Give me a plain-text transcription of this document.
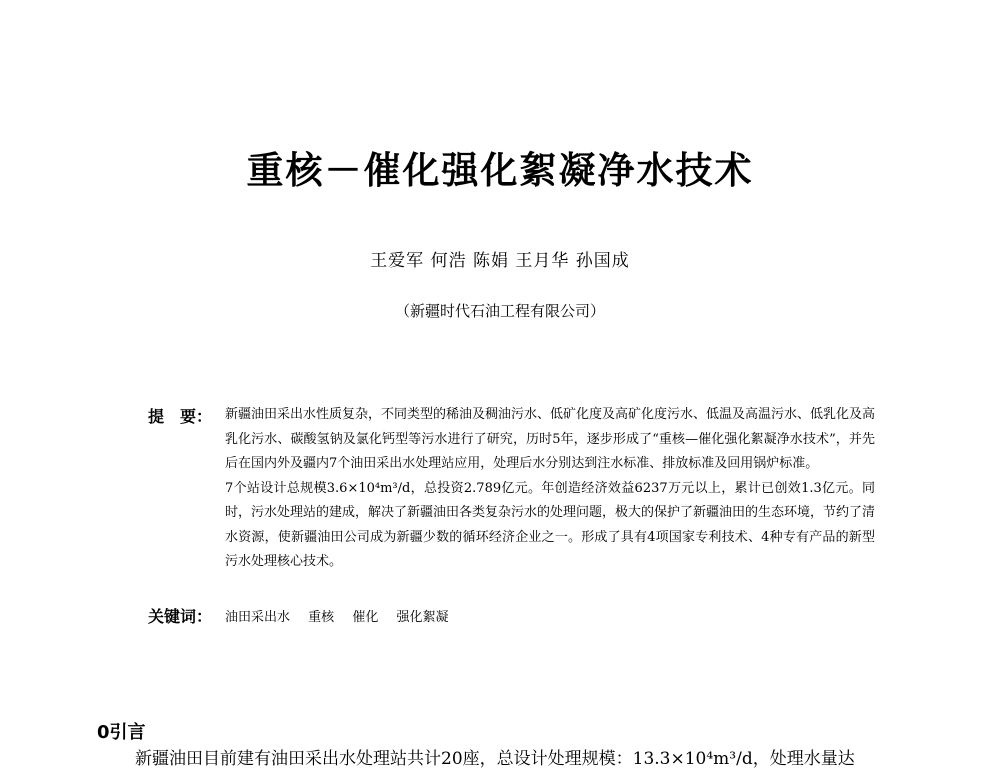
重核－催化强化絮凝净水技术
王爱军 何浩 陈娟 王月华 孙国成
（新疆时代石油工程有限公司）
提 要： 新疆油田采出水性质复杂，不同类型的稀油及稠油污水、低矿化度及高矿化度污水、低温及高温污水、低乳化及高乳化污水、碳酸氢钠及氯化钙型等污水进行了研究，历时5年，逐步形成了“重核—催化强化絮凝净水技术”，并先后在国内外及疆内7个油田采出水处理站应用，处理后水分别达到注水标准、排放标准及回用锅炉标准。

7个站设计总规模3.6×10⁴m³/d，总投资2.789亿元。年创造经济效益6237万元以上，累计已创效1.3亿元。同时，污水处理站的建成，解决了新疆油田各类复杂污水的处理问题，极大的保护了新疆油田的生态环境，节约了清水资源，使新疆油田公司成为新疆少数的循环经济企业之一。形成了具有4项国家专利技术、4种专有产品的新型污水处理核心技术。

关键词： 油田采出水 重核 催化 强化絮凝
0引言
新疆油田目前建有油田采出水处理站共计20座，总设计处理规模：13.3×10⁴m³/d，处理水量达
